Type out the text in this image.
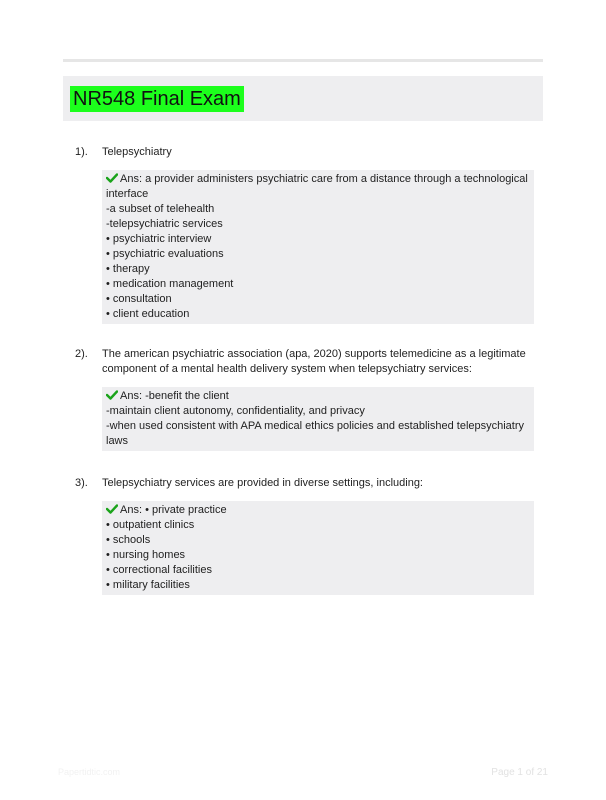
NR548 Final Exam
1). Telepsychiatry
Ans: a provider administers psychiatric care from a distance through a technological interface
-a subset of telehealth
-telepsychiatric services
• psychiatric interview
• psychiatric evaluations
• therapy
• medication management
• consultation
• client education
2). The american psychiatric association (apa, 2020) supports telemedicine as a legitimate component of a mental health delivery system when telepsychiatry services:
Ans: -benefit the client
-maintain client autonomy, confidentiality, and privacy
-when used consistent with APA medical ethics policies and established telepsychiatry laws
3). Telepsychiatry services are provided in diverse settings, including:
Ans: • private practice
• outpatient clinics
• schools
• nursing homes
• correctional facilities
• military facilities
Papertidtic.com	Page 1 of 21
